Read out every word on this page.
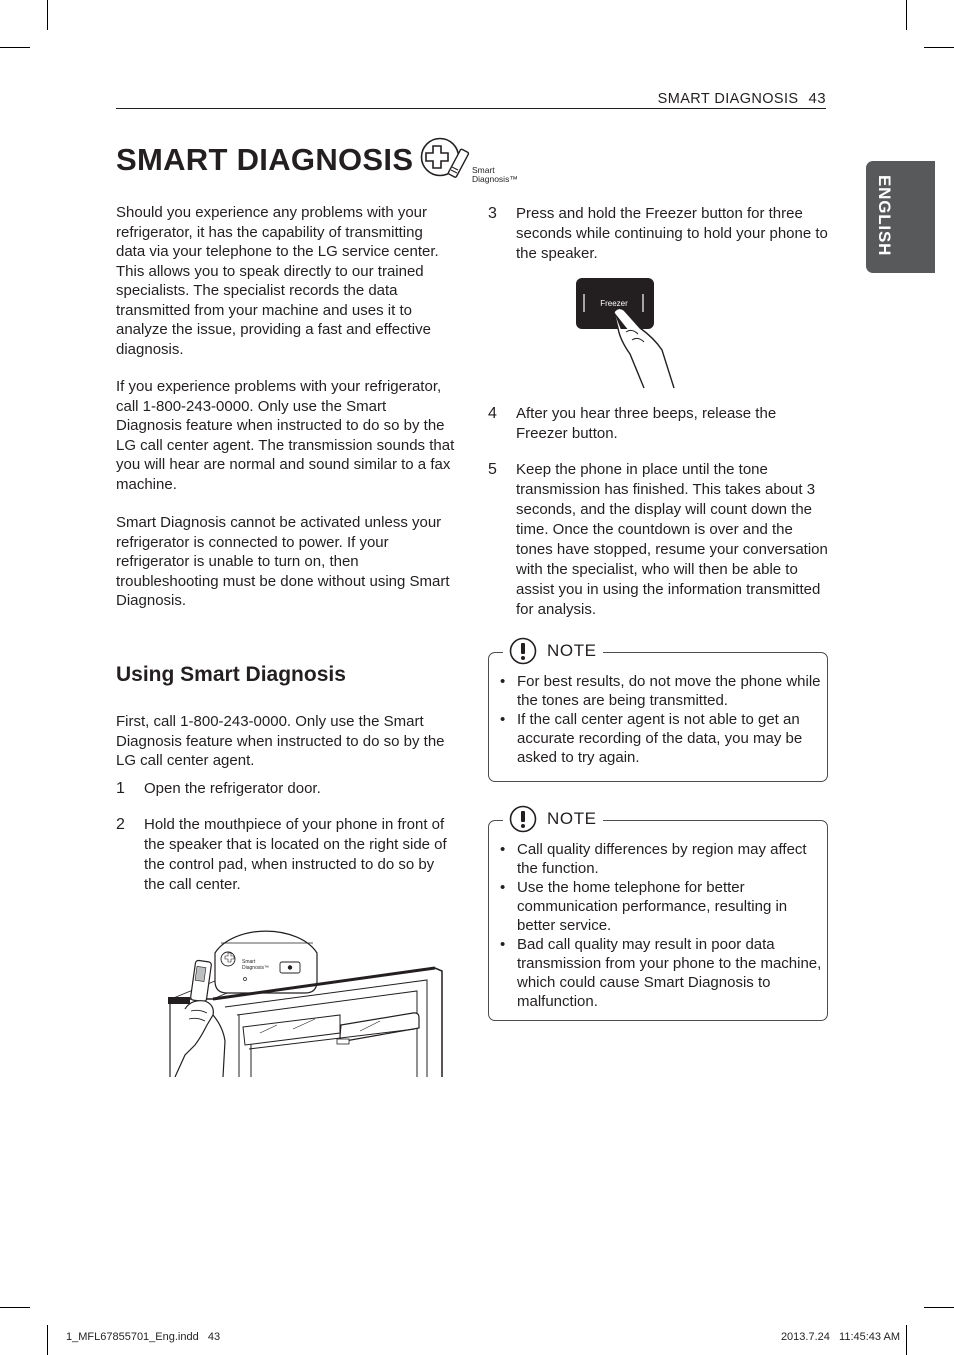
SMART DIAGNOSIS 43
ENGLISH
SMART DIAGNOSIS	Smart
Diagnosis™
Should you experience any problems with your refrigerator, it has the capability of transmitting data via your telephone to the LG service center. This allows you to speak directly to our trained specialists. The specialist records the data transmitted from your machine and uses it to analyze the issue, providing a fast and effective diagnosis.
If you experience problems with your refrigerator, call 1-800-243-0000. Only use the Smart Diagnosis feature when instructed to do so by the LG call center agent. The transmission sounds that you will hear are normal and sound similar to a fax machine.
Smart Diagnosis cannot be activated unless your refrigerator is connected to power. If your refrigerator is unable to turn on, then troubleshooting must be done without using Smart Diagnosis.
Using Smart Diagnosis
First, call 1-800-243-0000. Only use the Smart Diagnosis feature when instructed to do so by the LG call center agent.
1	Open the refrigerator door.
2	Hold the mouthpiece of your phone in front of the speaker that is located on the right side of the control pad, when instructed to do so by the call center.
Smart
Diagnosis™
3	Press and hold the Freezer button for three seconds while continuing to hold your phone to the speaker.
Freezer
4	After you hear three beeps, release the Freezer button.
5	Keep the phone in place until the tone transmission has finished. This takes about 3 seconds, and the display will count down the time. Once the countdown is over and the tones have stopped, resume your conversation with the specialist, who will then be able to assist you in using the information transmitted for analysis.
NOTE
• For best results, do not move the phone while the tones are being transmitted.
• If the call center agent is not able to get an accurate recording of the data, you may be asked to try again.
NOTE
• Call quality differences by region may affect the function.
• Use the home telephone for better communication performance, resulting in better service.
• Bad call quality may result in poor data transmission from your phone to the machine, which could cause Smart Diagnosis to malfunction.
1_MFL67855701_Eng.indd   43	2013.7.24   11:45:43 AM
